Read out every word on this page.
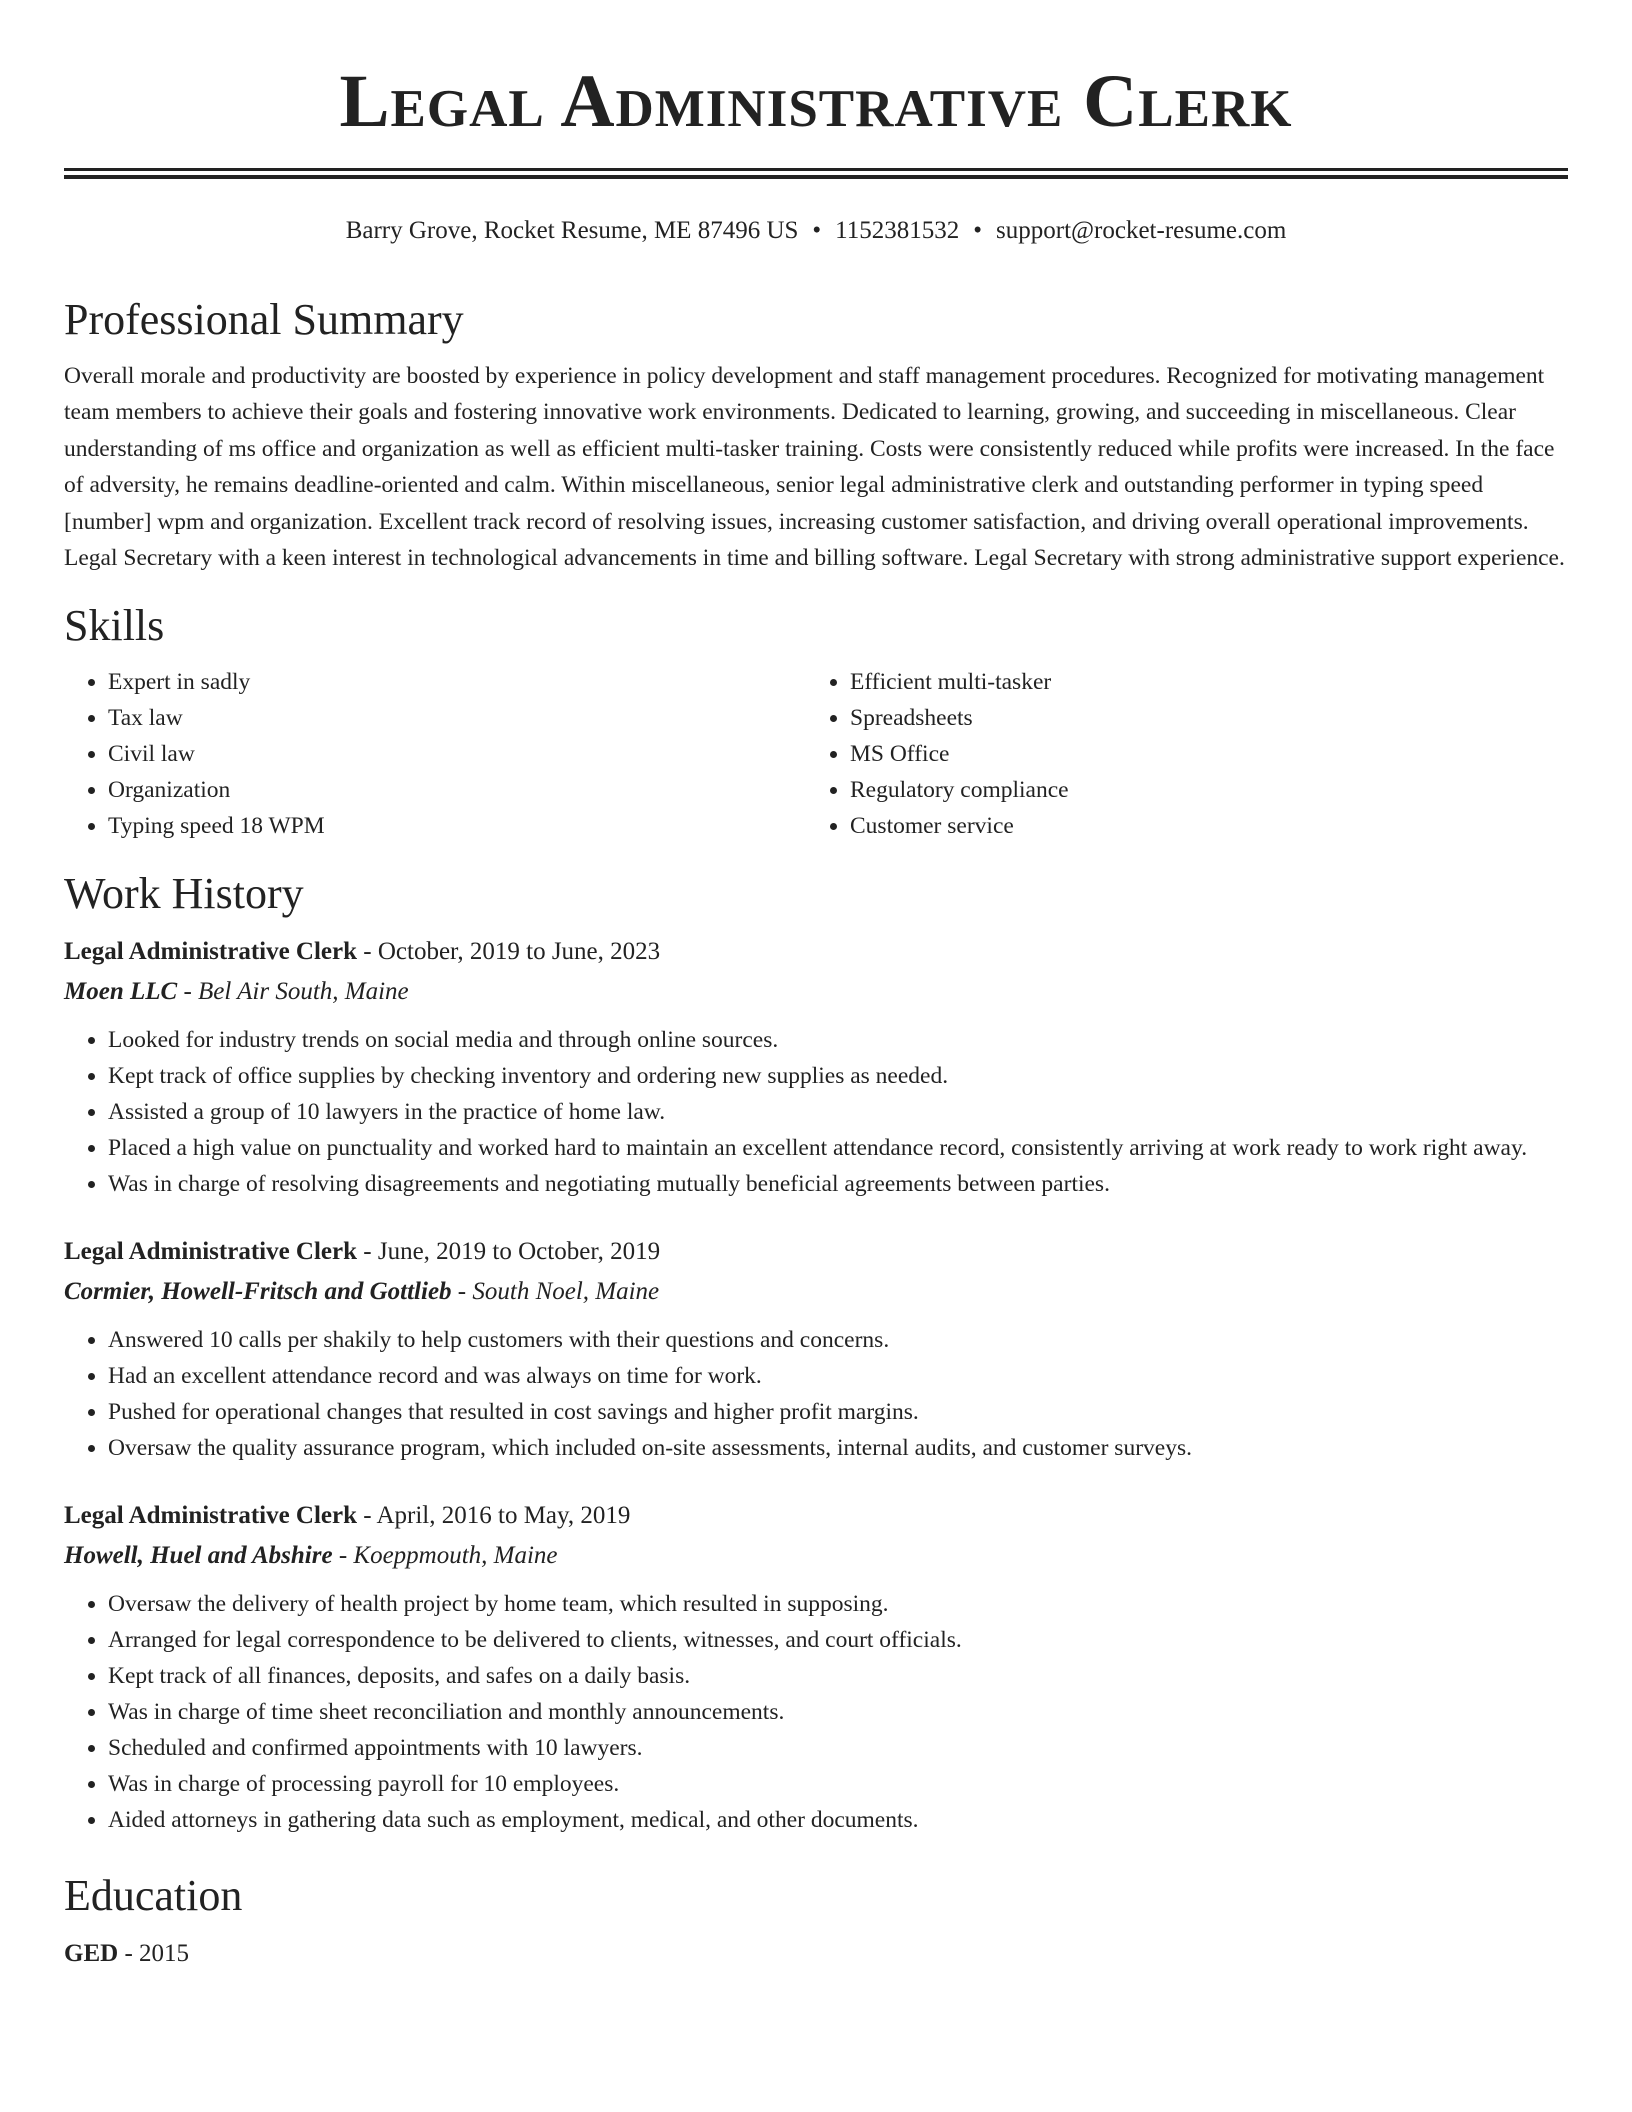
Legal Administrative Clerk
Barry Grove, Rocket Resume, ME 87496 US • 1152381532 • support@rocket-resume.com
Professional Summary

Overall morale and productivity are boosted by experience in policy development and staff management procedures. Recognized for motivating management team members to achieve their goals and fostering innovative work environments. Dedicated to learning, growing, and succeeding in miscellaneous. Clear understanding of ms office and organization as well as efficient multi-tasker training. Costs were consistently reduced while profits were increased. In the face of adversity, he remains deadline-oriented and calm. Within miscellaneous, senior legal administrative clerk and outstanding performer in typing speed [number] wpm and organization. Excellent track record of resolving issues, increasing customer satisfaction, and driving overall operational improvements. Legal Secretary with a keen interest in technological advancements in time and billing software. Legal Secretary with strong administrative support experience.

Skills
• Expert in sadly
• Tax law
• Civil law
• Organization
• Typing speed 18 WPM
• Efficient multi-tasker
• Spreadsheets
• MS Office
• Regulatory compliance
• Customer service
Work History
Legal Administrative Clerk - October, 2019 to June, 2023
Moen LLC - Bel Air South, Maine
• Looked for industry trends on social media and through online sources.
• Kept track of office supplies by checking inventory and ordering new supplies as needed.
• Assisted a group of 10 lawyers in the practice of home law.
• Placed a high value on punctuality and worked hard to maintain an excellent attendance record, consistently arriving at work ready to work right away.
• Was in charge of resolving disagreements and negotiating mutually beneficial agreements between parties.
Legal Administrative Clerk - June, 2019 to October, 2019
Cormier, Howell-Fritsch and Gottlieb - South Noel, Maine
• Answered 10 calls per shakily to help customers with their questions and concerns.
• Had an excellent attendance record and was always on time for work.
• Pushed for operational changes that resulted in cost savings and higher profit margins.
• Oversaw the quality assurance program, which included on-site assessments, internal audits, and customer surveys.
Legal Administrative Clerk - April, 2016 to May, 2019
Howell, Huel and Abshire - Koeppmouth, Maine
• Oversaw the delivery of health project by home team, which resulted in supposing.
• Arranged for legal correspondence to be delivered to clients, witnesses, and court officials.
• Kept track of all finances, deposits, and safes on a daily basis.
• Was in charge of time sheet reconciliation and monthly announcements.
• Scheduled and confirmed appointments with 10 lawyers.
• Was in charge of processing payroll for 10 employees.
• Aided attorneys in gathering data such as employment, medical, and other documents.
Education
GED - 2015
